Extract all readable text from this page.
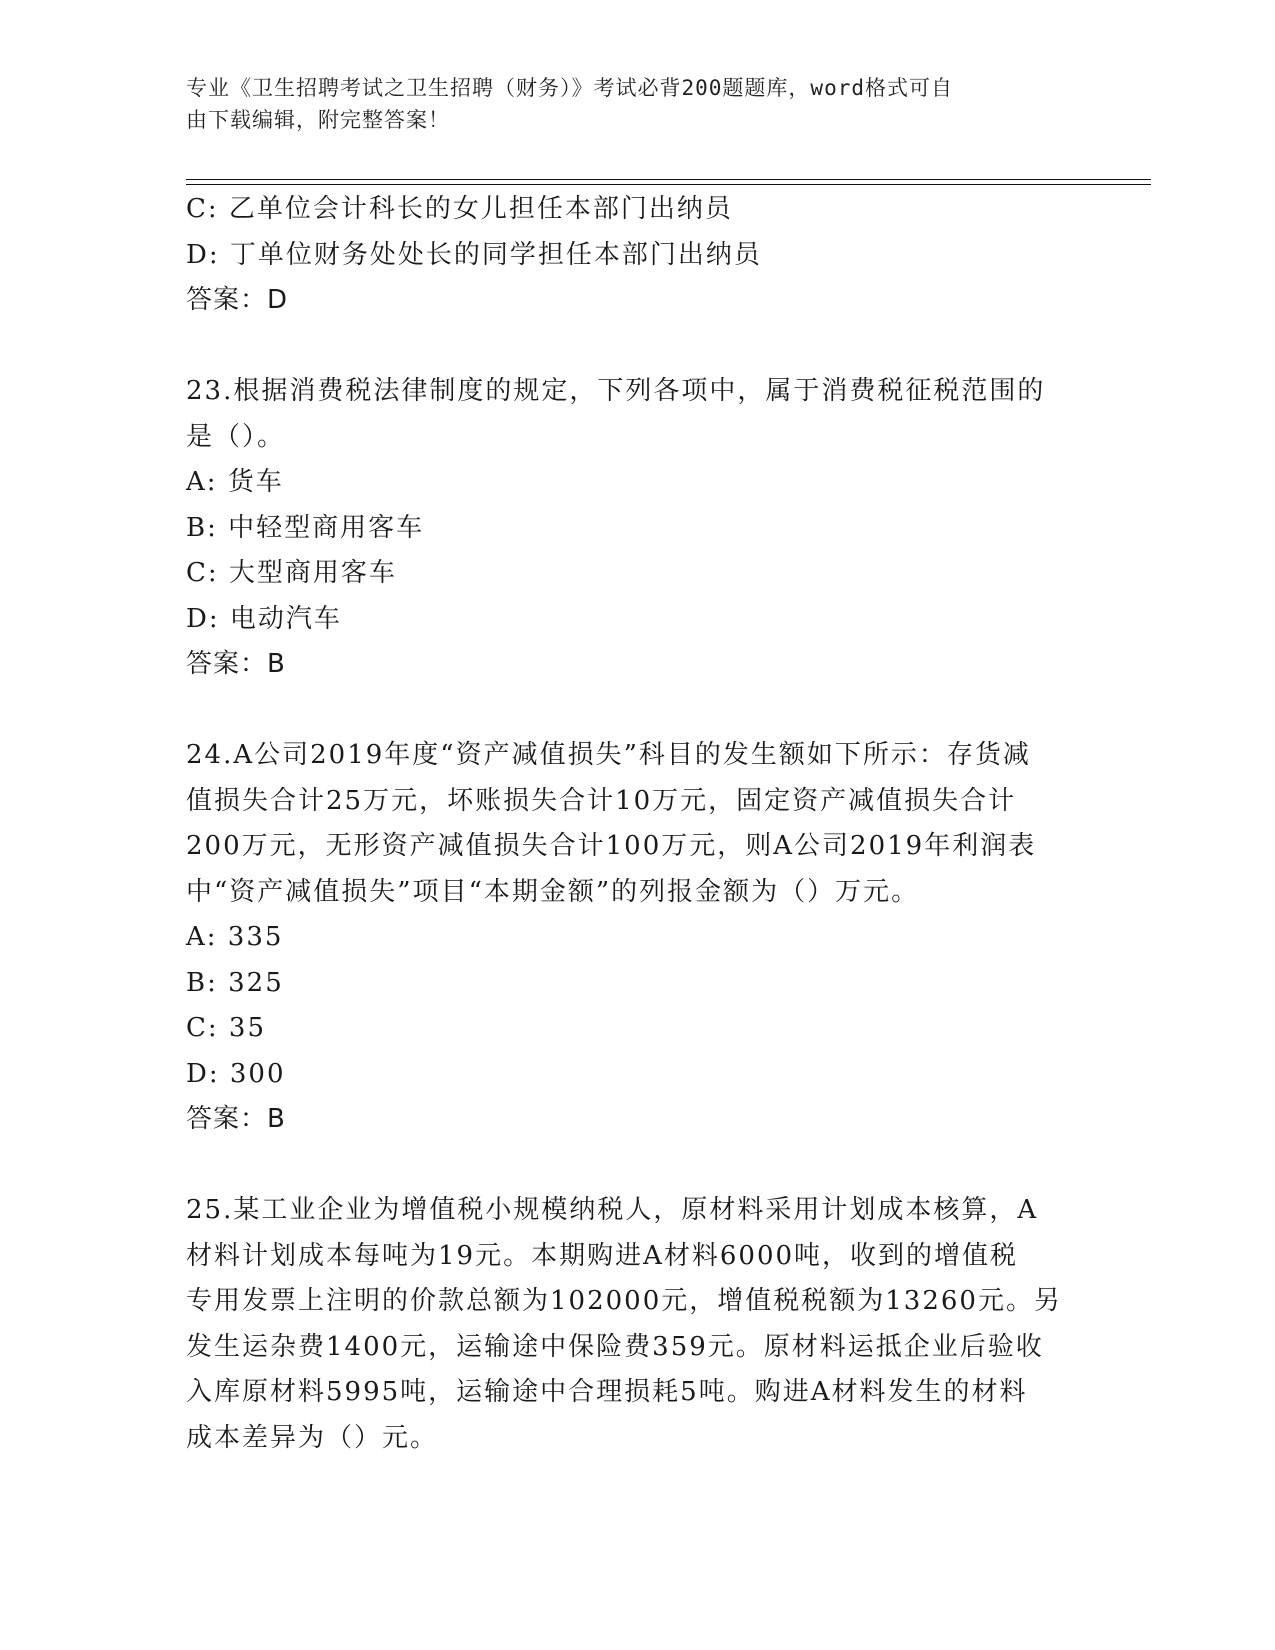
专业《卫生招聘考试之卫生招聘（财务）》考试必背200题题库，word格式可自
由下载编辑，附完整答案！
C: 乙单位会计科长的女儿担任本部门出纳员
D: 丁单位财务处处长的同学担任本部门出纳员
答案：D
23.根据消费税法律制度的规定，下列各项中，属于消费税征税范围的
是（）。
A: 货车
B: 中轻型商用客车
C: 大型商用客车
D: 电动汽车
答案：B
24.A公司2019年度“资产减值损失”科目的发生额如下所示：存货减
值损失合计25万元，坏账损失合计10万元，固定资产减值损失合计
200万元，无形资产减值损失合计100万元，则A公司2019年利润表
中“资产减值损失”项目“本期金额”的列报金额为（）万元。
A: 335
B: 325
C: 35
D: 300
答案：B
25.某工业企业为增值税小规模纳税人，原材料采用计划成本核算，A
材料计划成本每吨为19元。本期购进A材料6000吨，收到的增值税
专用发票上注明的价款总额为102000元，增值税税额为13260元。另
发生运杂费1400元，运输途中保险费359元。原材料运抵企业后验收
入库原材料5995吨，运输途中合理损耗5吨。购进A材料发生的材料
成本差异为（）元。
